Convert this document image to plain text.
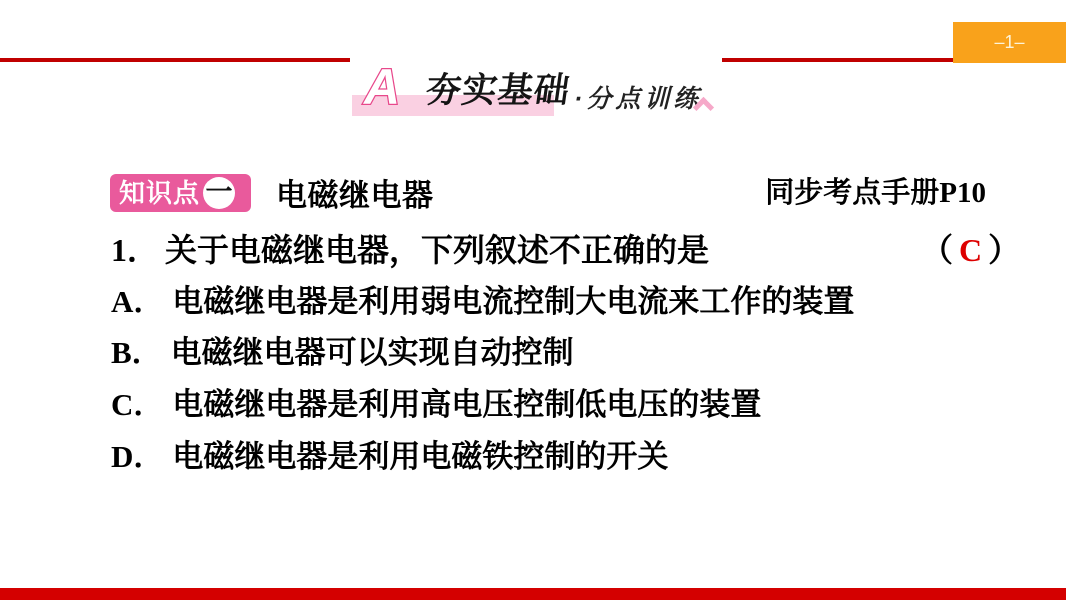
–1–
A 夯实基础 ·分点训练
知识点 一 电磁继电器	同步考点手册P10
1． 关于电磁继电器，下列叙述不正确的是	（ C ）
A． 电磁继电器是利用弱电流控制大电流来工作的装置
B． 电磁继电器可以实现自动控制
C． 电磁继电器是利用高电压控制低电压的装置
D． 电磁继电器是利用电磁铁控制的开关
